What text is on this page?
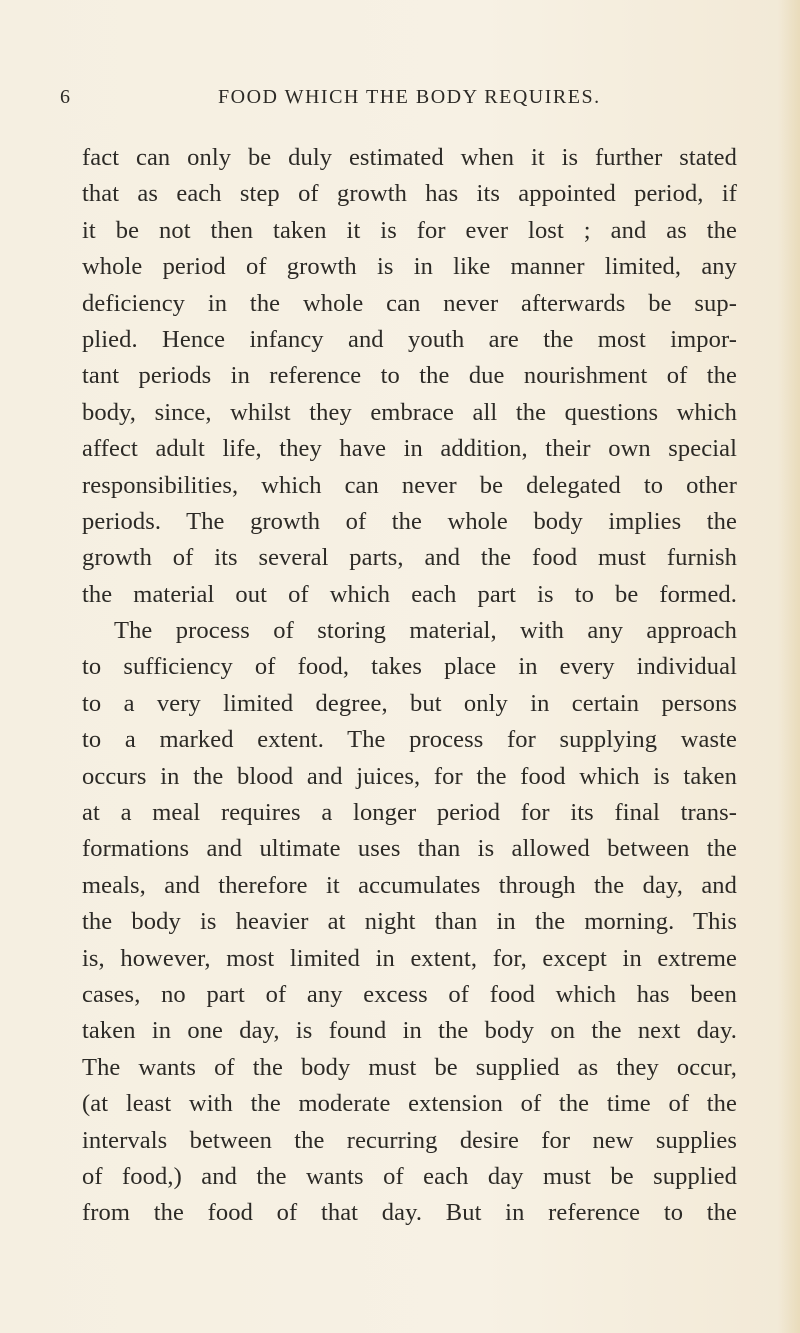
6	FOOD WHICH THE BODY REQUIRES.
fact can only be duly estimated when it is further stated
that as each step of growth has its appointed period, if
it be not then taken it is for ever lost ; and as the
whole period of growth is in like manner limited, any
deficiency in the whole can never afterwards be sup-
plied. Hence infancy and youth are the most impor-
tant periods in reference to the due nourishment of the
body, since, whilst they embrace all the questions which
affect adult life, they have in addition, their own special
responsibilities, which can never be delegated to other
periods. The growth of the whole body implies the
growth of its several parts, and the food must furnish
the material out of which each part is to be formed.
The process of storing material, with any approach
to sufficiency of food, takes place in every individual
to a very limited degree, but only in certain persons
to a marked extent. The process for supplying waste
occurs in the blood and juices, for the food which is taken
at a meal requires a longer period for its final trans-
formations and ultimate uses than is allowed between the
meals, and therefore it accumulates through the day, and
the body is heavier at night than in the morning. This
is, however, most limited in extent, for, except in extreme
cases, no part of any excess of food which has been
taken in one day, is found in the body on the next day.
The wants of the body must be supplied as they occur,
(at least with the moderate extension of the time of the
intervals between the recurring desire for new supplies
of food,) and the wants of each day must be supplied
from the food of that day. But in reference to the
